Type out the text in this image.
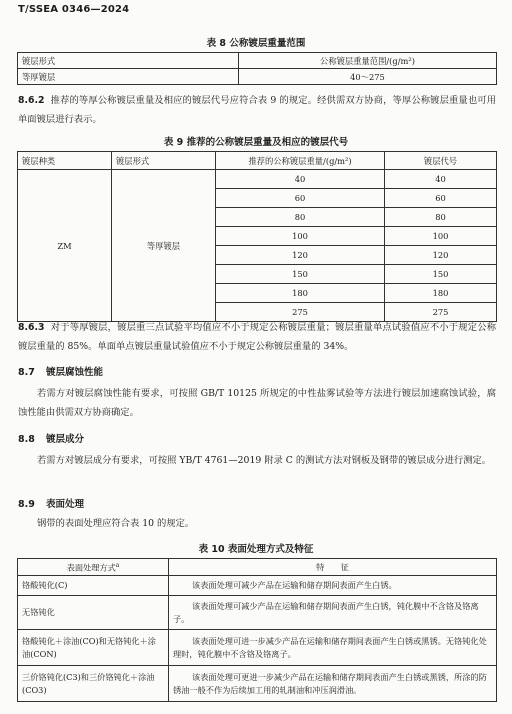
T/SSEA 0346—2024
表 8 公称镀层重量范围
镀层形式	公称镀层重量范围/(g/m²)
等厚镀层	40～275
8.6.2 推荐的等厚公称镀层重量及相应的镀层代号应符合表 9 的规定。经供需双方协商，等厚公称镀层重量也可用单面镀层进行表示。
表 9 推荐的公称镀层重量及相应的镀层代号
镀层种类	镀层形式	推荐的公称镀层重量/(g/m²)	镀层代号
ZM	等厚镀层	40	40
		60	60
		80	80
		100	100
		120	120
		150	150
		180	180
		275	275
8.6.3 对于等厚镀层，镀层重三点试验平均值应不小于规定公称镀层重量；镀层重量单点试验值应不小于规定公称镀层重量的 85%。单面单点镀层重量试验值应不小于规定公称镀层重量的 34%。
8.7 镀层腐蚀性能
若需方对镀层腐蚀性能有要求，可按照 GB/T 10125 所规定的中性盐雾试验等方法进行镀层加速腐蚀试验，腐蚀性能由供需双方协商确定。
8.8 镀层成分
若需方对镀层成分有要求，可按照 YB/T 4761—2019 附录 C 的测试方法对钢板及钢带的镀层成分进行测定。
8.9 表面处理
钢带的表面处理应符合表 10 的规定。
表 10 表面处理方式及特征
表面处理方式$^a$	特　　征
铬酸钝化(C)	该表面处理可减少产品在运输和储存期间表面产生白锈。
无铬钝化	该表面处理可减少产品在运输和储存期间表面产生白锈，钝化膜中不含铬及铬离子。
铬酸钝化＋涂油(CO)和无铬钝化＋涂油(CON)	该表面处理可进一步减少产品在运输和储存期间表面产生白锈或黑锈。无铬钝化处理时，钝化膜中不含铬及铬离子。
三价铬钝化(C3)和三价铬钝化＋涂油(CO3)	该表面处理可更进一步减少产品在运输和储存期间表面产生白锈或黑锈，所涂的防锈油一般不作为后续加工用的轧制油和冲压润滑油。
